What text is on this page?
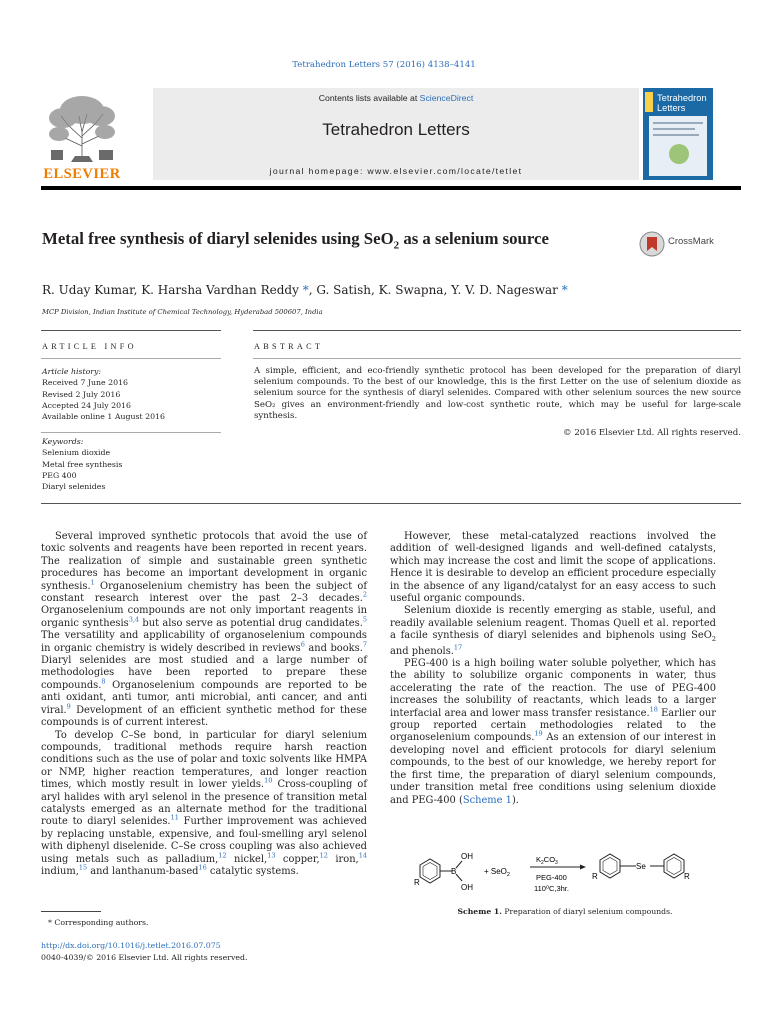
Tetrahedron Letters 57 (2016) 4138–4141
ELSEVIER
Contents lists available at ScienceDirect
Tetrahedron Letters
journal homepage: www.elsevier.com/locate/tetlet
Tetrahedron
Letters
Metal free synthesis of diaryl selenides using SeO$_2$ as a selenium source	CrossMark
R. Uday Kumar, K. Harsha Vardhan Reddy *, G. Satish, K. Swapna, Y. V. D. Nageswar *
MCP Division, Indian Institute of Chemical Technology, Hyderabad 500607, India
ARTICLE INFO	ABSTRACT
Article history:
Received 7 June 2016
Revised 2 July 2016
Accepted 24 July 2016
Available online 1 August 2016
Keywords:
Selenium dioxide
Metal free synthesis
PEG 400
Diaryl selenides

A simple, efficient, and eco-friendly synthetic protocol has been developed for the preparation of diaryl selenium compounds. To the best of our knowledge, this is the first Letter on the use of selenium dioxide as selenium source for the synthesis of diaryl selenides. Compared with other selenium sources the new source SeO₂ gives an environment-friendly and low-cost synthetic route, which may be useful for large-scale synthesis.

© 2016 Elsevier Ltd. All rights reserved.

Several improved synthetic protocols that avoid the use of toxic solvents and reagents have been reported in recent years. The realization of simple and sustainable green synthetic procedures has become an important development in organic synthesis.$^1$ Organoselenium chemistry has been the subject of constant research interest over the past 2–3 decades.$^2$ Organoselenium compounds are not only important reagents in organic synthesis$^{3,4}$ but also serve as potential drug candidates.$^5$ The versatility and applicability of organoselenium compounds in organic chemistry is widely described in reviews$^6$ and books.$^7$ Diaryl selenides are most studied and a large number of methodologies have been reported to prepare these compounds.$^8$ Organoselenium compounds are reported to be anti oxidant, anti tumor, anti microbial, anti cancer, and anti viral.$^9$ Development of an efficient synthetic method for these compounds is of current interest.

To develop C–Se bond, in particular for diaryl selenium compounds, traditional methods require harsh reaction conditions such as the use of polar and toxic solvents like HMPA or NMP, higher reaction temperatures, and longer reaction times, which mostly result in lower yields.$^{10}$ Cross-coupling of aryl halides with aryl selenol in the presence of transition metal catalysts emerged as an alternate method for the traditional route to diaryl selenides.$^{11}$ Further improvement was achieved by replacing unstable, expensive, and foul-smelling aryl selenol with diphenyl diselenide. C–Se cross coupling was also achieved using metals such as palladium,$^{12}$ nickel,$^{13}$ copper,$^{12}$ iron,$^{14}$ indium,$^{15}$ and lanthanum-based$^{16}$ catalytic systems.

However, these metal-catalyzed reactions involved the addition of well-designed ligands and well-defined catalysts, which may increase the cost and limit the scope of applications. Hence it is desirable to develop an efficient procedure especially in the absence of any ligand/catalyst for an easy access to such useful organic compounds.

Selenium dioxide is recently emerging as stable, useful, and readily available selenium reagent. Thomas Quell et al. reported a facile synthesis of diaryl selenides and biphenols using SeO$_2$ and phenols.$^{17}$

PEG-400 is a high boiling water soluble polyether, which has the ability to solubilize organic components in water, thus accelerating the rate of the reaction. The use of PEG-400 increases the solubility of reactants, which leads to a larger interfacial area and lower mass transfer resistance.$^{18}$ Earlier our group reported certain methodologies related to the organoselenium compounds.$^{19}$ As an extension of our interest in developing novel and efficient protocols for diaryl selenium compounds, to the best of our knowledge, we hereby report for the first time, the preparation of diaryl selenium compounds, under transition metal free conditions using selenium dioxide and PEG-400 (Scheme 1).

OH
B
OH
R
+ SeO$_2$
$K_2CO_3$
PEG-400
110⁰C,3hr.
R
Se
R
Scheme 1. Preparation of diaryl selenium compounds.
* Corresponding authors.
http://dx.doi.org/10.1016/j.tetlet.2016.07.075
0040-4039/© 2016 Elsevier Ltd. All rights reserved.
